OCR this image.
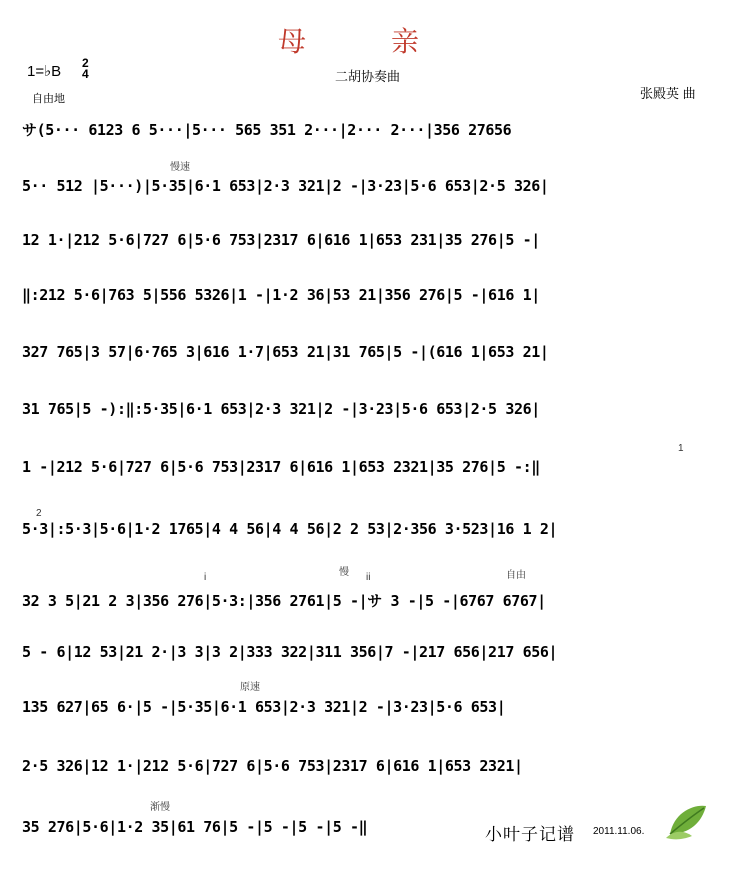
母 亲
1=♭B 2
4	二胡协奏曲
张殿英 曲
自由地
慢速
1
2
i	慢 ii	自由
原速
渐慢
サ(5··· 6123 6 5···|5··· 565 351 2···|2··· 2···|356 27656
5·· 512 |5···)|5·35|6·1 653|2·3 321|2 -|3·23|5·6 653|2·5 326|
12 1·|212 5·6|727 6|5·6 753|2317 6|616 1|653 231|35 276|5 -|
‖:212 5·6|763 5|556 5326|1 -|1·2 36|53 21|356 276|5 -|616 1|
327 765|3 57|6·765 3|616 1·7|653 21|31 765|5 -|(616 1|653 21|
31 765|5 -):‖:5·35|6·1 653|2·3 321|2 -|3·23|5·6 653|2·5 326|
1 -|212 5·6|727 6|5·6 753|2317 6|616 1|653 2321|35 276|5 -:‖
5·3|:5·3|5·6|1·2 1765|4 4 56|4 4 56|2 2 53|2·356 3·523|16 1 2|
32 3 5|21 2 3|356 276|5·3:|356 2761|5 -|サ 3 -|5 -|6767 6767|
5 - 6|12 53|21 2·|3 3|3 2|333 322|311 356|7 -|217 656|217 656|
135 627|65 6·|5 -|5·35|6·1 653|2·3 321|2 -|3·23|5·6 653|
2·5 326|12 1·|212 5·6|727 6|5·6 753|2317 6|616 1|653 2321|
35 276|5·6|1·2 35|61 76|5 -|5 -|5 -|5 -‖	小叶子记谱 2011.11.06.
